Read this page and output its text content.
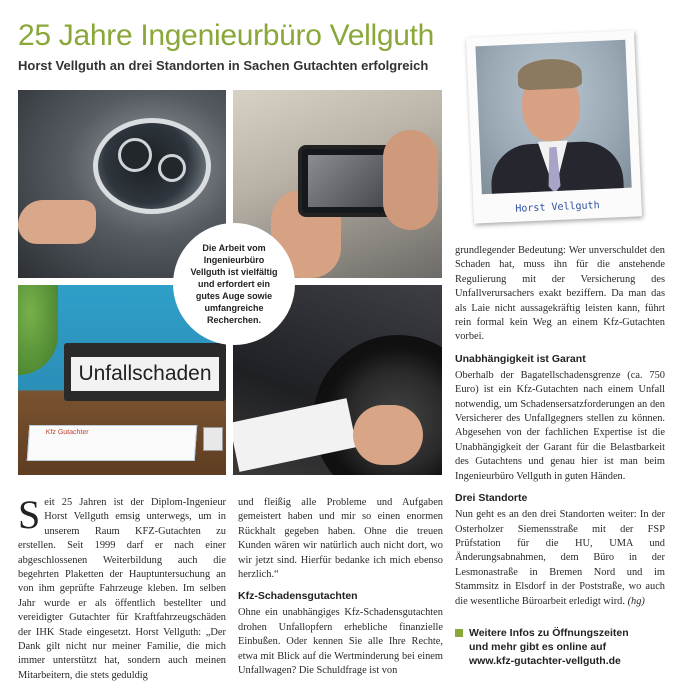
25 Jahre Ingenieurbüro Vellguth
Horst Vellguth an drei Standorten in Sachen Gutachten erfolgreich
Unfallschaden
Kfz Gutachter
Die Arbeit vom Ingenieurbüro Vellguth ist vielfältig und erfordert ein gutes Auge sowie umfangreiche Recherchen.
Horst Vellguth

Seit 25 Jahren ist der Diplom-Ingenieur Horst Vellguth emsig unterwegs, um in unserem Raum KFZ-Gutachten zu erstellen. Seit 1999 darf er nach einer abgeschlossenen Weiterbildung auch die begehrten Plaketten der Hauptuntersuchung an von ihm geprüfte Fahrzeuge kleben. Im selben Jahr wurde er als öffentlich bestellter und vereidigter Gutachter für Kraftfahrzeugschäden der IHK Stade eingesetzt. Horst Vellguth: „Der Dank gilt nicht nur meiner Familie, die mich immer unterstützt hat, sondern auch meinen Mitarbeitern, die stets geduldig

und fleißig alle Probleme und Aufgaben gemeistert haben und mir so einen enormen Rückhalt gegeben haben. Ohne die treuen Kunden wären wir natürlich auch nicht dort, wo wir jetzt sind. Hierfür bedanke ich mich ebenso herzlich.“

Kfz-Schadensgutachten

Ohne ein unabhängiges Kfz-Schadensgutachten drohen Unfallopfern erhebliche finanzielle Einbußen. Oder kennen Sie alle Ihre Rechte, etwa mit Blick auf die Wertminderung bei einem Unfallwagen? Die Schuldfrage ist von

grundlegender Bedeutung: Wer unverschuldet den Schaden hat, muss ihn für die anstehende Regulierung mit der Versicherung des Unfallverursachers exakt beziffern. Da man das als Laie nicht aussagekräftig leisten kann, führt rein formal kein Weg an einem Kfz-Gutachten vorbei.

Unabhängigkeit ist Garant

Oberhalb der Bagatellschadensgrenze (ca. 750 Euro) ist ein Kfz-Gutachten nach einem Unfall notwendig, um Schadensersatzforderungen an den Versicherer des Unfallgegners stellen zu können. Abgesehen von der fachlichen Expertise ist die Unabhängigkeit der Garant für die Belastbarkeit des Gutachtens und genau hier ist man beim Ingenieurbüro Vellguth in guten Händen.

Drei Standorte

Nun geht es an den drei Standorten weiter: In der Osterholzer Siemensstraße mit der FSP Prüfstation für die HU, UMA und Änderungsabnahmen, dem Büro in der Lesmonastraße in Bremen Nord und im Stammsitz in Elsdorf in der Poststraße, wo auch die wesentliche Büroarbeit erledigt wird. (hg)

Weitere Infos zu Öffnungszeiten
und mehr gibt es online auf
www.kfz-gutachter-vellguth.de
